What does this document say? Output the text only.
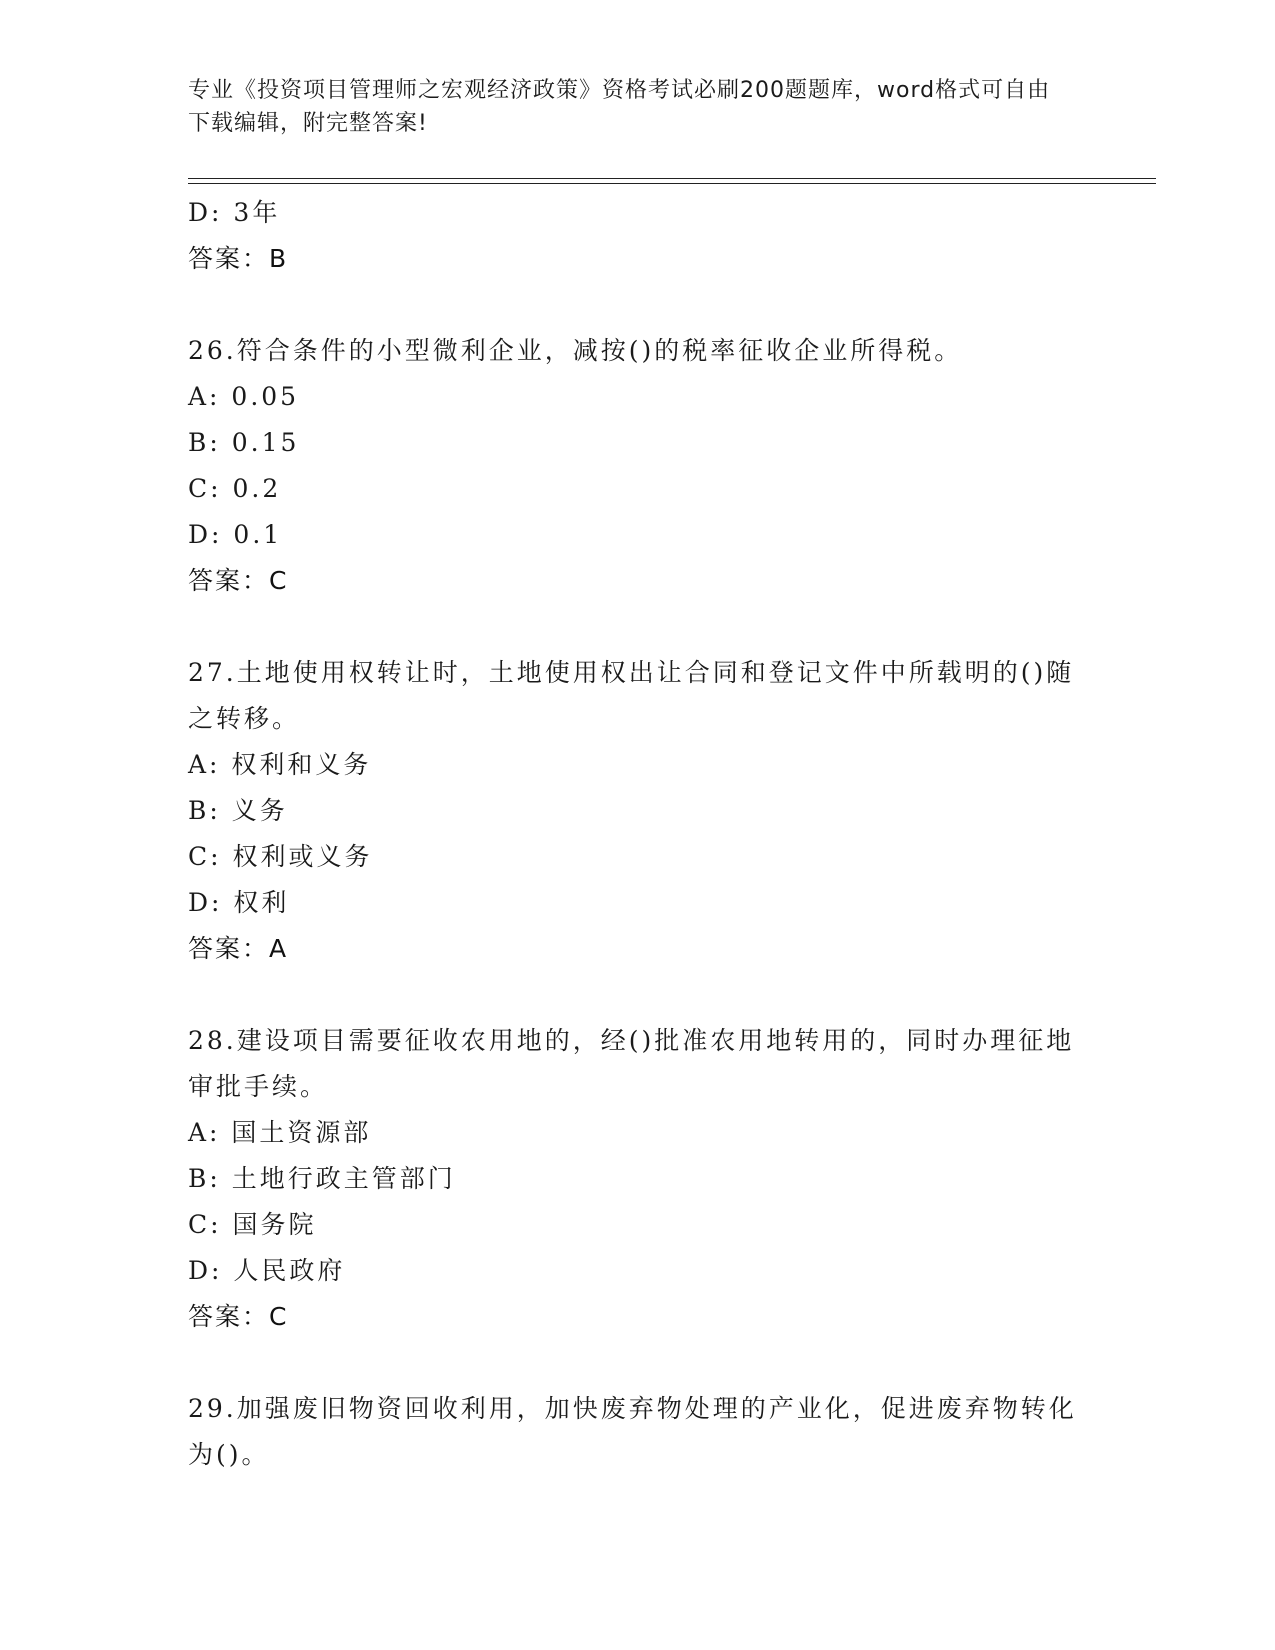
专业《投资项目管理师之宏观经济政策》资格考试必刷200题题库，word格式可自由下载编辑，附完整答案!
D: 3年
答案：B
26.符合条件的小型微利企业，减按()的税率征收企业所得税。
A: 0.05
B: 0.15
C: 0.2
D: 0.1
答案：C
27.土地使用权转让时，土地使用权出让合同和登记文件中所载明的()随之转移。
A: 权利和义务
B: 义务
C: 权利或义务
D: 权利
答案：A
28.建设项目需要征收农用地的，经()批准农用地转用的，同时办理征地审批手续。
A: 国土资源部
B: 土地行政主管部门
C: 国务院
D: 人民政府
答案：C
29.加强废旧物资回收利用，加快废弃物处理的产业化，促进废弃物转化为()。
